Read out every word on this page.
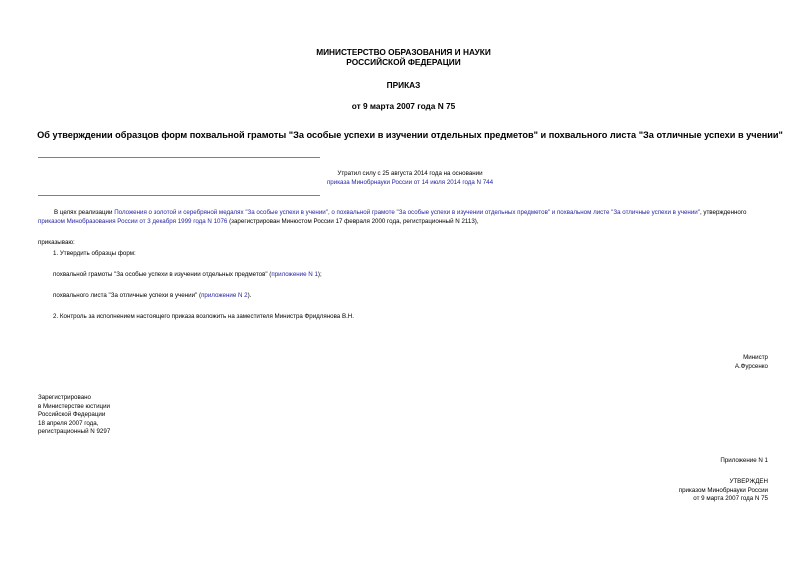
МИНИСТЕРСТВО ОБРАЗОВАНИЯ И НАУКИ
РОССИЙСКОЙ ФЕДЕРАЦИИ
ПРИКАЗ
от 9 марта 2007 года N 75
Об утверждении образцов форм похвальной грамоты "За особые успехи в изучении отдельных предметов" и похвального листа "За отличные успехи в учении"
Утратил силу с 25 августа 2014 года на основании
приказа Минобрнауки России от 14 июля 2014 года N 744
В целях реализации Положения о золотой и серебряной медалях "За особые успехи в учении", о похвальной грамоте "За особые успехи в изучении отдельных предметов" и похвальном листе "За отличные успехи в учении", утвержденного приказом Минобразования России от 3 декабря 1999 года N 1076 (зарегистрирован Минюстом России 17 февраля 2000 года, регистрационный N 2113),
приказываю:
1. Утвердить образцы форм:
похвальной грамоты "За особые успехи в изучении отдельных предметов" (приложение N 1);
похвального листа "За отличные успехи в учении" (приложение N 2).
2. Контроль за исполнением настоящего приказа возложить на заместителя Министра Фридлянова В.Н.
Министр
А.Фурсенко
Зарегистрировано
в Министерстве юстиции
Российской Федерации
18 апреля 2007 года,
регистрационный N 9297
Приложение N 1
УТВЕРЖДЕН
приказом Минобрнауки России
от 9 марта 2007 года N 75
